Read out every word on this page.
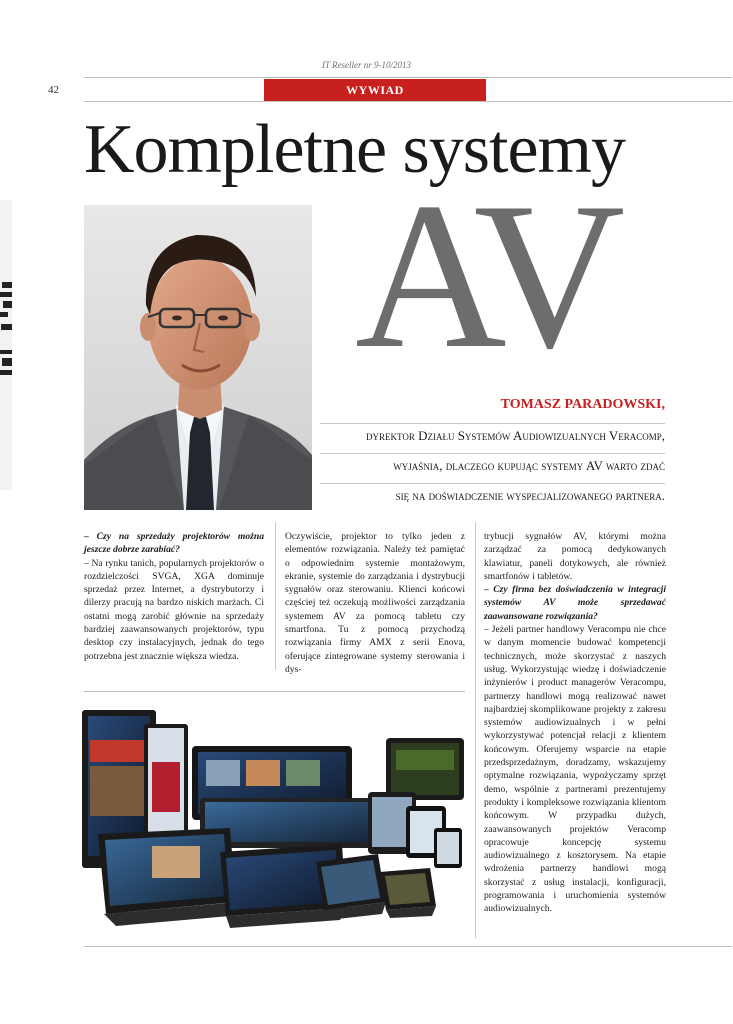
IT Reseller nr 9-10/2013
42	WYWIAD
Kompletne systemy
AV
TOMASZ PARADOWSKI,
dyrektor Działu Systemów Audiowizualnych Veracomp,
wyjaśnia, dlaczego kupując systemy AV warto zdać
się na doświadczenie wyspecjalizowanego partnera.

– Czy na sprzedaży projektorów można jeszcze dobrze zarabiać?

– Na rynku tanich, popularnych projektorów o rozdzielczości SVGA, XGA dominuje sprzedaż przez Internet, a dystrybutorzy i dilerzy pracują na bardzo niskich marżach. Ci ostatni mogą zarobić głównie na sprzedaży bardziej zaawansowanych projektorów, typu desktop czy instalacyjnych, jednak do tego potrzebna jest znacznie większa wiedza.

Oczywiście, projektor to tylko jeden z elementów rozwiązania. Należy też pamiętać o odpowiednim systemie montażowym, ekranie, systemie do zarządzania i dystrybucji sygnałów oraz sterowaniu. Klienci końcowi częściej też oczekują możliwości zarządzania systemem AV za pomocą tabletu czy smartfona. Tu z pomocą przychodzą rozwiązania firmy AMX z serii Enova, oferujące zintegrowane systemy sterowania i dys-

trybucji sygnałów AV, którymi można zarządzać za pomocą dedykowanych klawiatur, paneli dotykowych, ale również smartfonów i tabletów.

– Czy firma bez doświadczenia w integracji systemów AV może sprzedawać zaawansowane rozwiązania?

– Jeżeli partner handlowy Veracompu nie chce w danym momencie budować kompetencji technicznych, może skorzystać z naszych usług. Wykorzystując wiedzę i doświadczenie inżynierów i product managerów Veracompu, partnerzy handlowi mogą realizować nawet najbardziej skomplikowane projekty z zakresu systemów audiowizualnych i w pełni wykorzystywać potencjał relacji z klientem końcowym. Oferujemy wsparcie na etapie przedsprzedażnym, doradzamy, wskazujemy optymalne rozwiązania, wypożyczamy sprzęt demo, wspólnie z partnerami prezentujemy produkty i kompleksowe rozwiązania klientom końcowym. W przypadku dużych, zaawansowanych projektów Veracomp opracowuje koncepcję systemu audiowizualnego z kosztorysem. Na etapie wdrożenia partnerzy handlowi mogą skorzystać z usług instalacji, konfiguracji, programowania i uruchomienia systemów audiowizualnych.
